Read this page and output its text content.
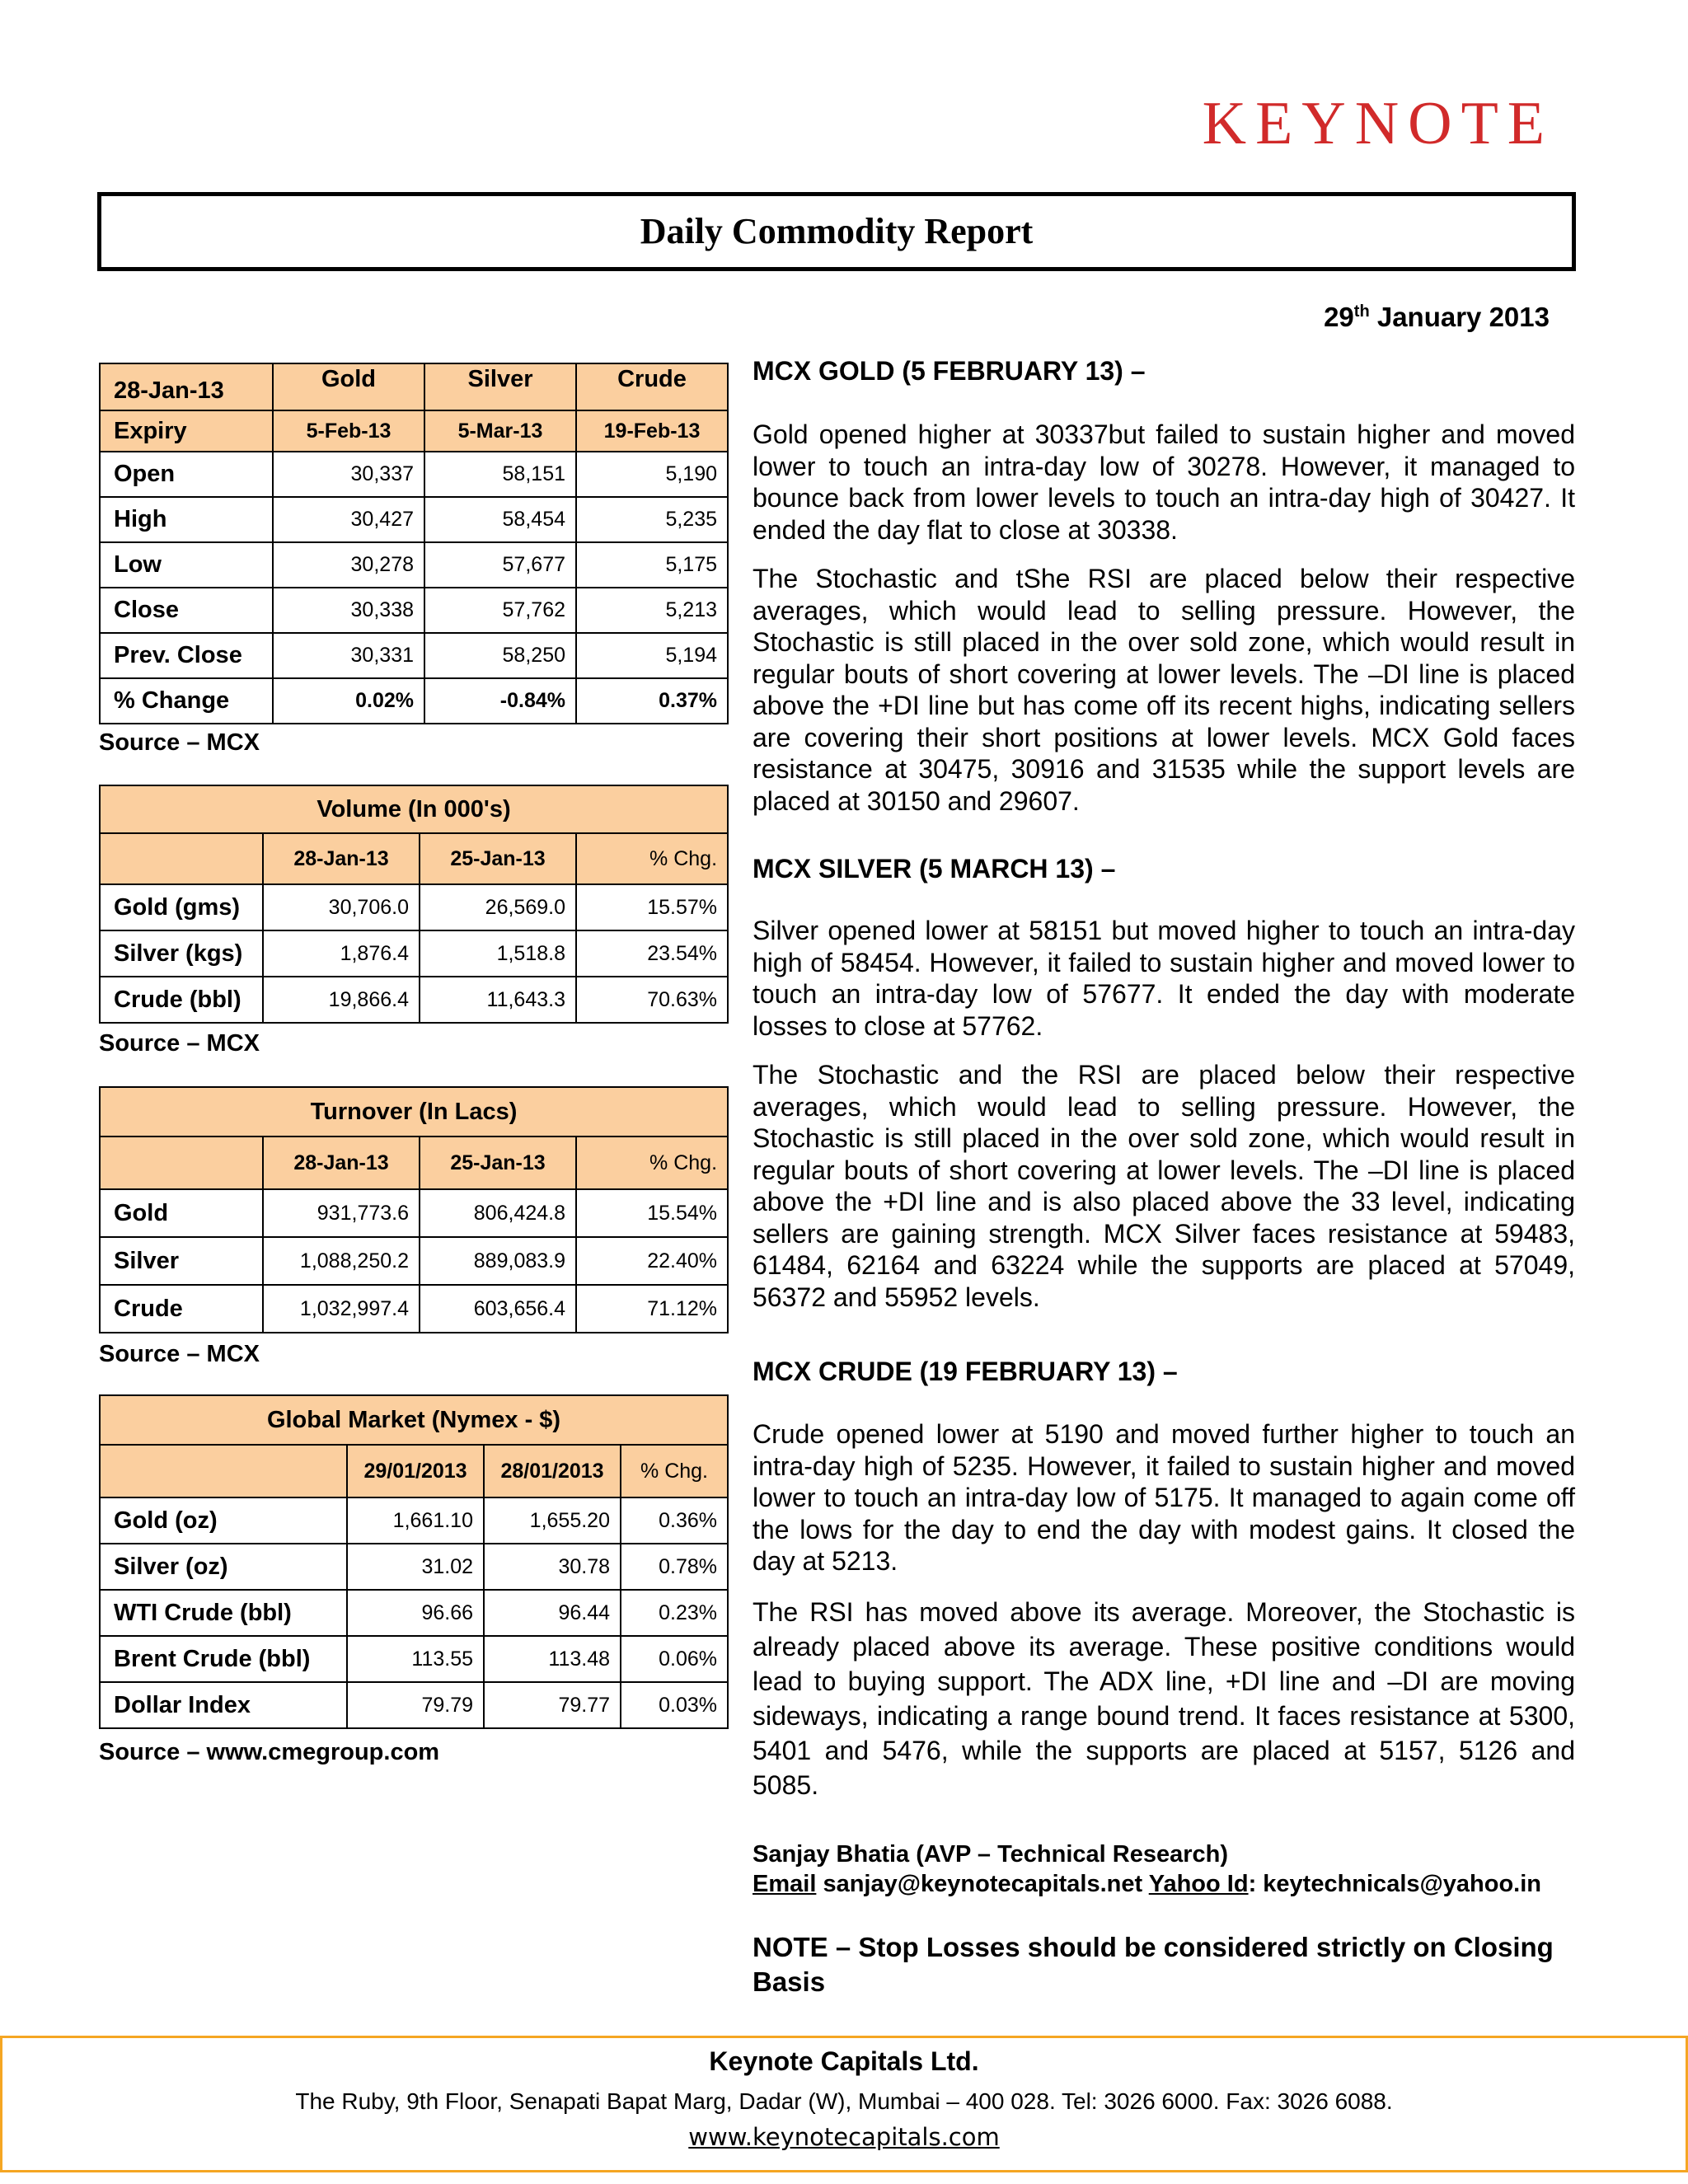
KEYNOTE
Daily Commodity Report
29th January 2013
28-Jan-13	Gold	Silver	Crude
Expiry	5-Feb-13	5-Mar-13	19-Feb-13
Open	30,337	58,151	5,190
High	30,427	58,454	5,235
Low	30,278	57,677	5,175
Close	30,338	57,762	5,213
Prev. Close	30,331	58,250	5,194
% Change	0.02%	-0.84%	0.37%
Source – MCX
Volume (In 000's)			
	28-Jan-13	25-Jan-13	% Chg.
Gold (gms)	30,706.0	26,569.0	15.57%
Silver (kgs)	1,876.4	1,518.8	23.54%
Crude (bbl)	19,866.4	11,643.3	70.63%
Source – MCX
Turnover (In Lacs)			
	28-Jan-13	25-Jan-13	% Chg.
Gold	931,773.6	806,424.8	15.54%
Silver	1,088,250.2	889,083.9	22.40%
Crude	1,032,997.4	603,656.4	71.12%
Source – MCX
Global Market (Nymex - $)			
	29/01/2013	28/01/2013	% Chg.
Gold (oz)	1,661.10	1,655.20	0.36%
Silver (oz)	31.02	30.78	0.78%
WTI Crude (bbl)	96.66	96.44	0.23%
Brent Crude (bbl)	113.55	113.48	0.06%
Dollar Index	79.79	79.77	0.03%
Source – www.cmegroup.com
MCX GOLD (5 FEBRUARY 13) –

Gold opened higher at 30337but failed to sustain higher and moved lower to touch an intra-day low of 30278. However, it managed to bounce back from lower levels to touch an intra-day high of 30427. It ended the day flat to close at 30338.

The Stochastic and tShe RSI are placed below their respective averages, which would lead to selling pressure. However, the Stochastic is still placed in the over sold zone, which would result in regular bouts of short covering at lower levels. The –DI line is placed above the +DI line but has come off its recent highs, indicating sellers are covering their short positions at lower levels. MCX Gold faces resistance at 30475, 30916 and 31535 while the support levels are placed at 30150 and 29607.

MCX SILVER (5 MARCH 13) –

Silver opened lower at 58151 but moved higher to touch an intra-day high of 58454. However, it failed to sustain higher and moved lower to touch an intra-day low of 57677. It ended the day with moderate losses to close at 57762.

The Stochastic and the RSI are placed below their respective averages, which would lead to selling pressure. However, the Stochastic is still placed in the over sold zone, which would result in regular bouts of short covering at lower levels. The –DI line is placed above the +DI line and is also placed above the 33 level, indicating sellers are gaining strength. MCX Silver faces resistance at 59483, 61484, 62164 and 63224 while the supports are placed at 57049, 56372 and 55952 levels.

MCX CRUDE (19 FEBRUARY 13) –

Crude opened lower at 5190 and moved further higher to touch an intra-day high of 5235. However, it failed to sustain higher and moved lower to touch an intra-day low of 5175. It managed to again come off the lows for the day to end the day with modest gains. It closed the day at 5213.

The RSI has moved above its average. Moreover, the Stochastic is already placed above its average. These positive conditions would lead to buying support. The ADX line, +DI line and –DI are moving sideways, indicating a range bound trend. It faces resistance at 5300, 5401 and 5476, while the supports are placed at 5157, 5126 and 5085.

Sanjay Bhatia (AVP – Technical Research)
Email sanjay@keynotecapitals.net Yahoo Id: keytechnicals@yahoo.in
NOTE – Stop Losses should be considered strictly on Closing Basis
Keynote Capitals Ltd.
The Ruby, 9th Floor, Senapati Bapat Marg, Dadar (W), Mumbai – 400 028. Tel: 3026 6000. Fax: 3026 6088.
www.keynotecapitals.com
